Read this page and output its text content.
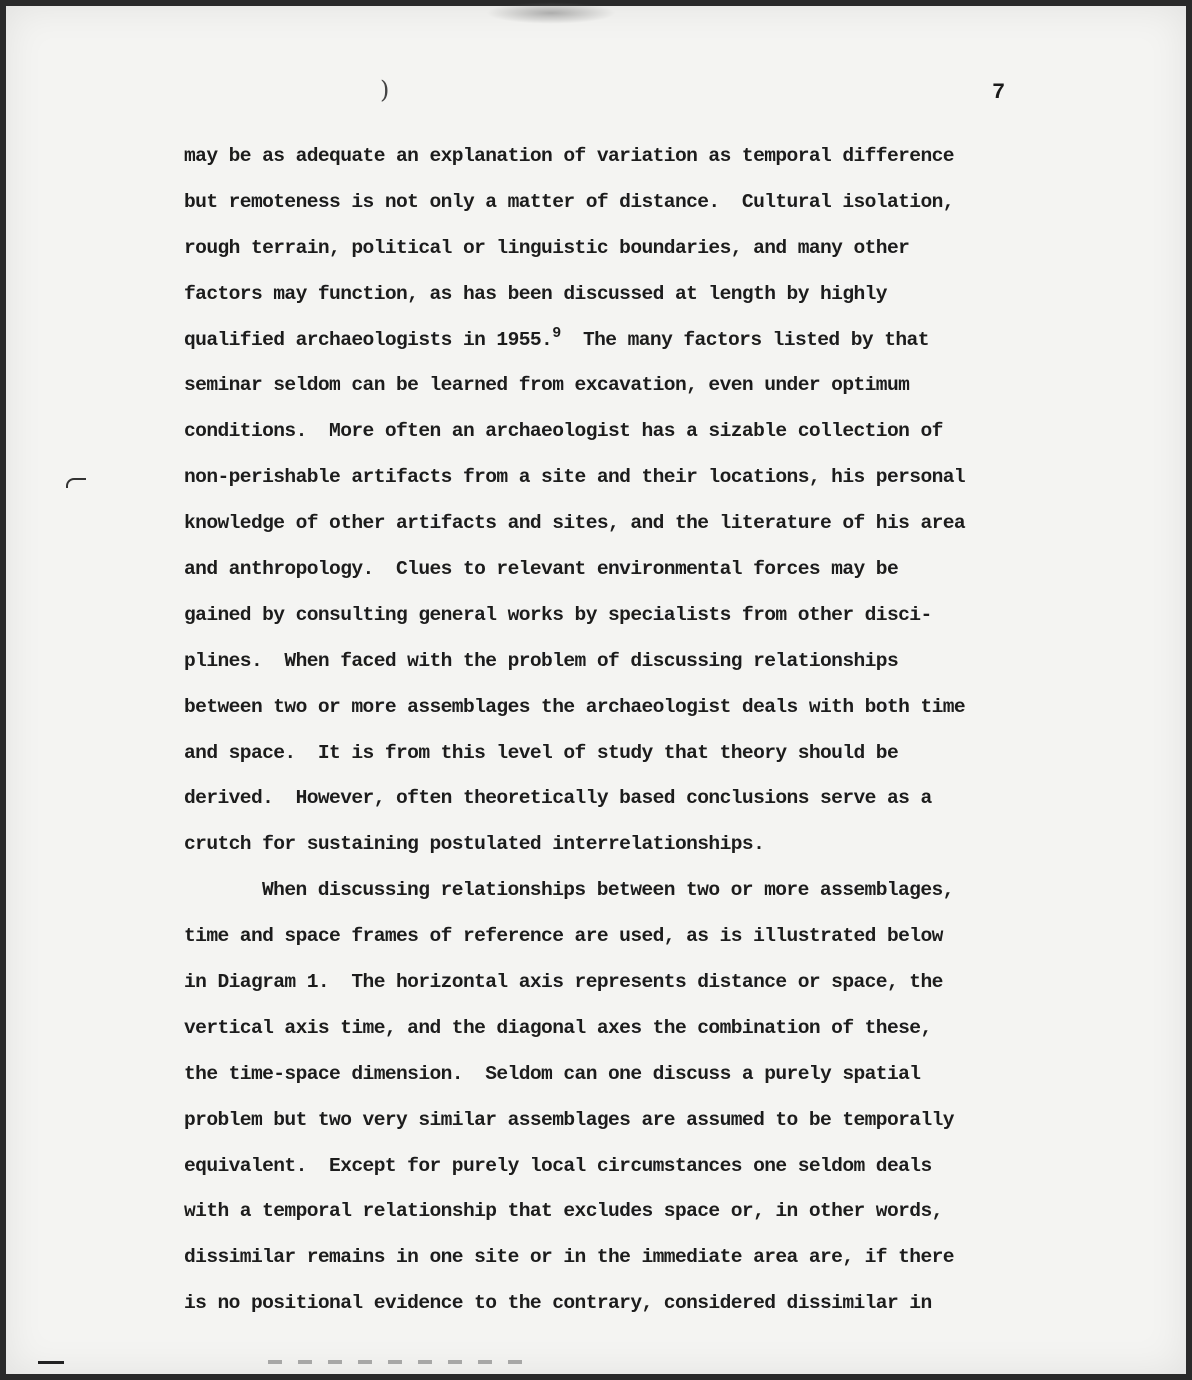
)	7
may be as adequate an explanation of variation as temporal difference
but remoteness is not only a matter of distance.  Cultural isolation,
rough terrain, political or linguistic boundaries, and many other
factors may function, as has been discussed at length by highly
qualified archaeologists in 1955.$^9$  The many factors listed by that
seminar seldom can be learned from excavation, even under optimum
conditions.  More often an archaeologist has a sizable collection of
non-perishable artifacts from a site and their locations, his personal
knowledge of other artifacts and sites, and the literature of his area
and anthropology.  Clues to relevant environmental forces may be
gained by consulting general works by specialists from other disci-
plines.  When faced with the problem of discussing relationships
between two or more assemblages the archaeologist deals with both time
and space.  It is from this level of study that theory should be
derived.  However, often theoretically based conclusions serve as a
crutch for sustaining postulated interrelationships.
When discussing relationships between two or more assemblages,
time and space frames of reference are used, as is illustrated below
in Diagram 1.  The horizontal axis represents distance or space, the
vertical axis time, and the diagonal axes the combination of these,
the time-space dimension.  Seldom can one discuss a purely spatial
problem but two very similar assemblages are assumed to be temporally
equivalent.  Except for purely local circumstances one seldom deals
with a temporal relationship that excludes space or, in other words,
dissimilar remains in one site or in the immediate area are, if there
is no positional evidence to the contrary, considered dissimilar in
